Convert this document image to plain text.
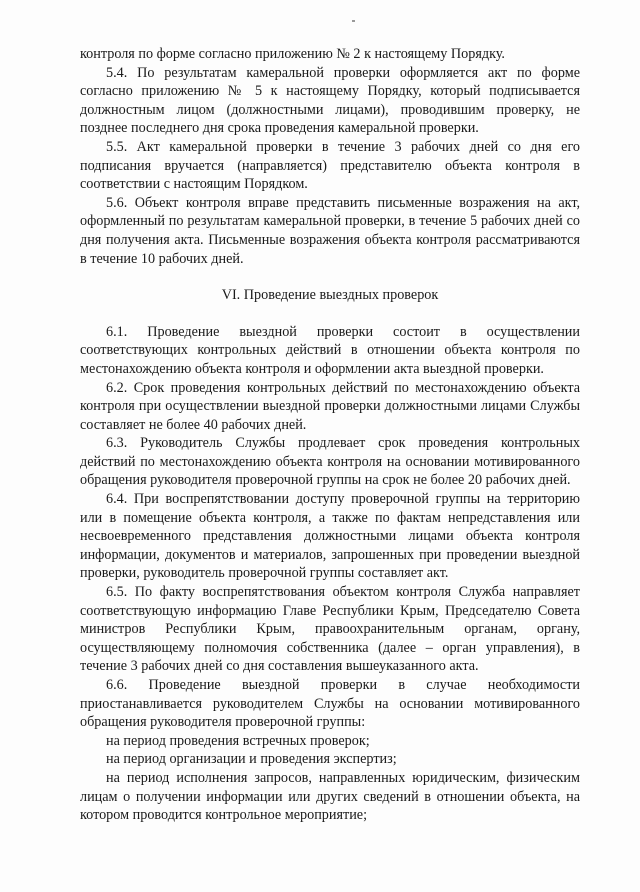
контроля по форме согласно приложению № 2 к настоящему Порядку.

5.4. По результатам камеральной проверки оформляется акт по форме согласно приложению № 5 к настоящему Порядку, который подписывается должностным лицом (должностными лицами), проводившим проверку, не позднее последнего дня срока проведения камеральной проверки.

5.5. Акт камеральной проверки в течение 3 рабочих дней со дня его подписания вручается (направляется) представителю объекта контроля в соответствии с настоящим Порядком.

5.6. Объект контроля вправе представить письменные возражения на акт, оформленный по результатам камеральной проверки, в течение 5 рабочих дней со дня получения акта. Письменные возражения объекта контроля рассматриваются в течение 10 рабочих дней.

VI. Проведение выездных проверок

6.1. Проведение выездной проверки состоит в осуществлении соответствующих контрольных действий в отношении объекта контроля по местонахождению объекта контроля и оформлении акта выездной проверки.

6.2. Срок проведения контрольных действий по местонахождению объекта контроля при осуществлении выездной проверки должностными лицами Службы составляет не более 40 рабочих дней.

6.3. Руководитель Службы продлевает срок проведения контрольных действий по местонахождению объекта контроля на основании мотивированного обращения руководителя проверочной группы на срок не более 20 рабочих дней.

6.4. При воспрепятствовании доступу проверочной группы на территорию или в помещение объекта контроля, а также по фактам непредставления или несвоевременного представления должностными лицами объекта контроля информации, документов и материалов, запрошенных при проведении выездной проверки, руководитель проверочной группы составляет акт.

6.5. По факту воспрепятствования объектом контроля Служба направляет соответствующую информацию Главе Республики Крым, Председателю Совета министров Республики Крым, правоохранительным органам, органу, осуществляющему полномочия собственника (далее – орган управления), в течение 3 рабочих дней со дня составления вышеуказанного акта.

6.6. Проведение выездной проверки в случае необходимости приостанавливается руководителем Службы на основании мотивированного обращения руководителя проверочной группы:

на период проведения встречных проверок;

на период организации и проведения экспертиз;

на период исполнения запросов, направленных юридическим, физическим лицам о получении информации или других сведений в отношении объекта, на котором проводится контрольное мероприятие;
